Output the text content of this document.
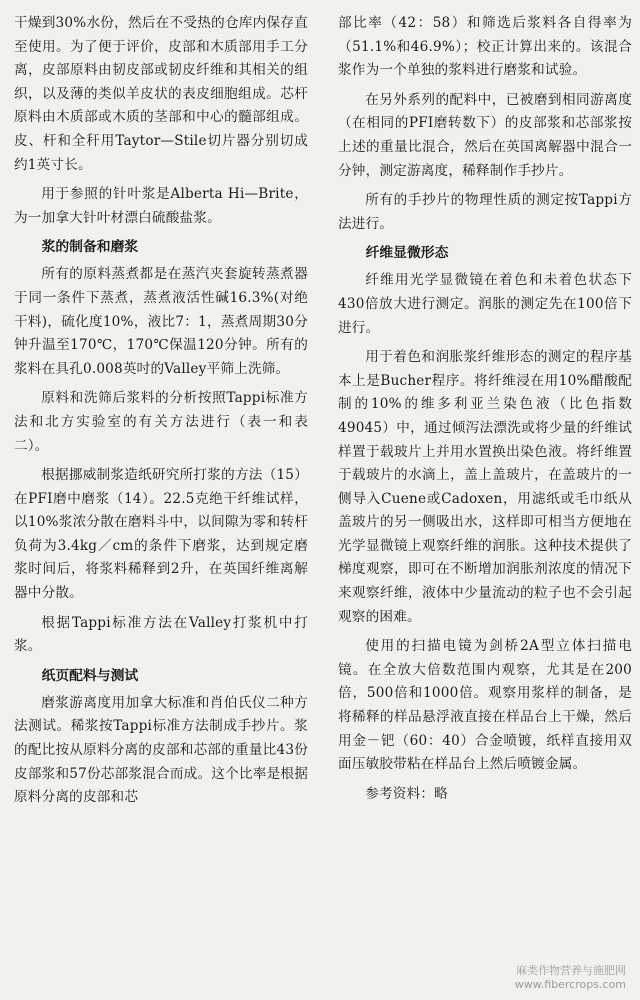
干燥到30%水份，然后在不受热的仓库内保存直至使用。为了便于评价，皮部和木质部用手工分离，皮部原料由韧皮部或韧皮纤维和其相关的组织，以及薄的类似羊皮状的表皮细胞组成。芯杆原料由木质部或木质的茎部和中心的髓部组成。皮、杆和全秆用Taytor—Stile切片器分别切成约1英寸长。

用于参照的针叶浆是Alberta Hi—Brite，为一加拿大针叶材漂白硫酸盐浆。

浆的制备和磨浆

所有的原料蒸煮都是在蒸汽夹套旋转蒸煮器于同一条件下蒸煮，蒸煮液活性碱16.3%(对绝干料)，硫化度10%，液比7：1，蒸煮周期30分钟升温至170℃，170℃保温120分钟。所有的浆料在具孔0.008英吋的Valley平筛上洗筛。

原料和洗筛后浆料的分析按照Tappi标准方法和北方实验室的有关方法进行（表一和表二）。

根据挪威制浆造纸研究所打浆的方法（15）在PFI磨中磨浆（14）。22.5克绝干纤维试样，以10%浆浓分散在磨料斗中，以间隙为零和转杆负荷为3.4kg／cm的条件下磨浆，达到规定磨浆时间后，将浆料稀释到2升，在英国纤维离解器中分散。

根据Tappi标准方法在Valley打浆机中打浆。

纸页配料与测试

磨浆游离度用加拿大标准和肖伯氏仪二种方法测试。稀浆按Tappi标准方法制成手抄片。浆的配比按从原料分离的皮部和芯部的重量比43份皮部浆和57份芯部浆混合而成。这个比率是根据原料分离的皮部和芯

部比率（42：58）和筛选后浆料各自得率为（51.1%和46.9%）；校正计算出来的。该混合浆作为一个单独的浆料进行磨浆和试验。

在另外系列的配料中，已被磨到相同游离度（在相同的PFI磨转数下）的皮部浆和芯部浆按上述的重量比混合，然后在英国离解器中混合一分钟，测定游离度，稀释制作手抄片。

所有的手抄片的物理性质的测定按Tappi方法进行。

纤维显微形态

纤维用光学显微镜在着色和未着色状态下430倍放大进行测定。润胀的测定先在100倍下进行。

用于着色和润胀浆纤维形态的测定的程序基本上是Bucher程序。将纤维浸在用10%醋酸配制的10%的维多利亚兰染色液（比色指数49045）中，通过倾泻法漂洗或将少量的纤维试样置于载玻片上并用水置换出染色液。将纤维置于载玻片的水滴上，盖上盖玻片，在盖玻片的一侧导入Cuene或Cadoxen，用滤纸或毛巾纸从盖玻片的另一侧吸出水，这样即可相当方便地在光学显微镜上观察纤维的润胀。这种技术提供了梯度观察，即可在不断增加润胀剂浓度的情况下来观察纤维，液体中少量流动的粒子也不会引起观察的困难。

使用的扫描电镜为剑桥2A型立体扫描电镜。在全放大倍数范围内观察，尤其是在200倍，500倍和1000倍。观察用浆样的制备，是将稀释的样品悬浮液直接在样品台上干燥，然后用金－钯（60：40）合金喷镀，纸样直接用双面压敏胶带粘在样品台上然后喷镀金属。

参考资料：略

麻类作物营养与施肥网
www.fibercrops.com
